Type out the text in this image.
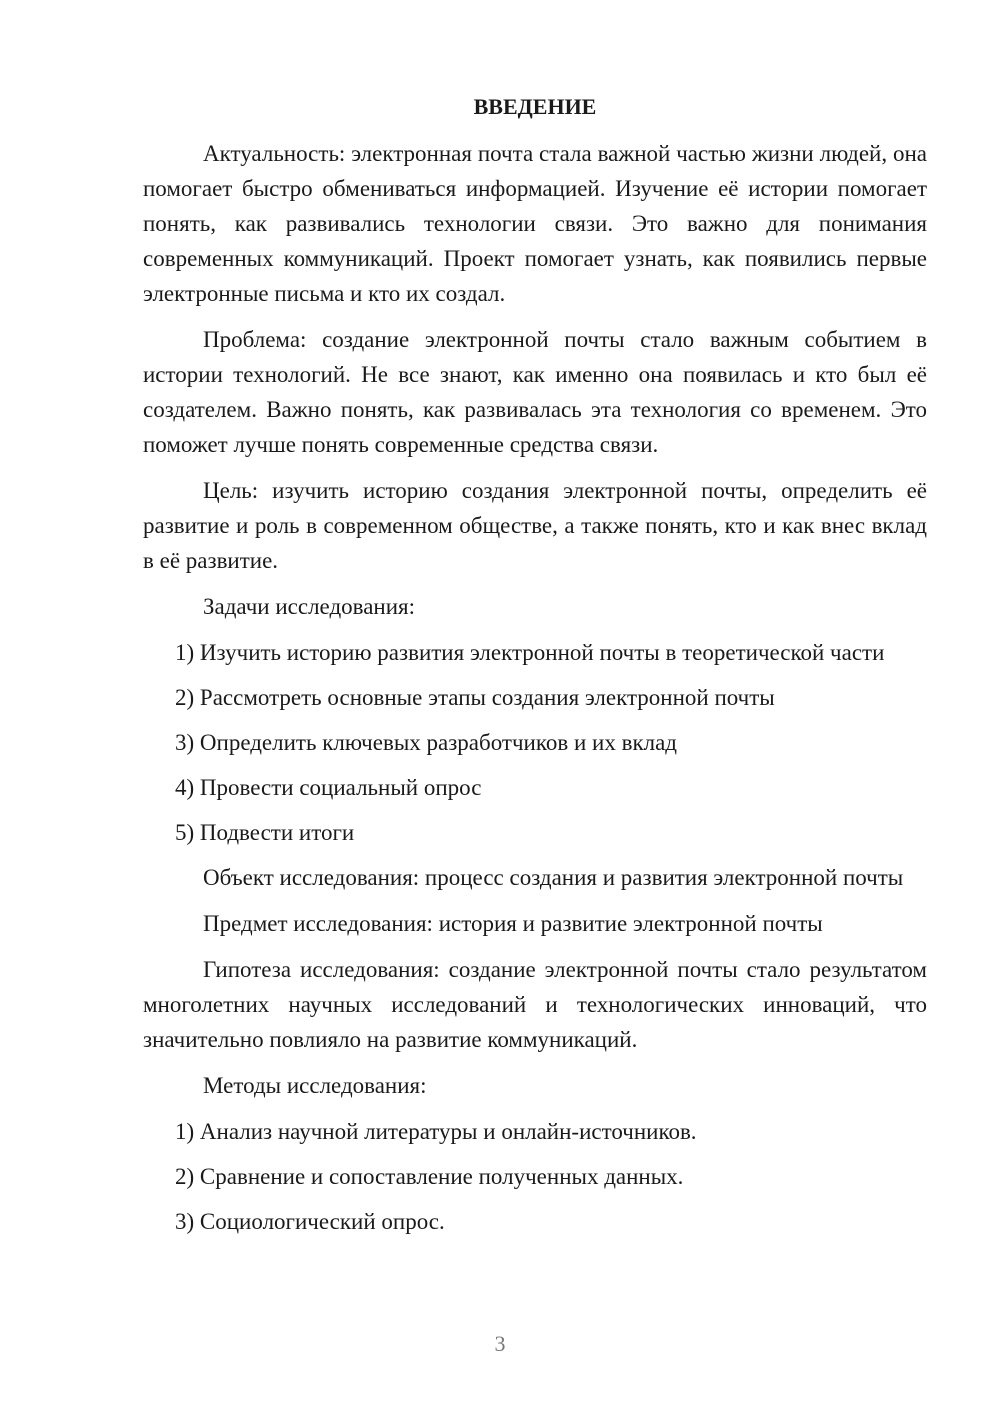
ВВЕДЕНИЕ

Актуальность: электронная почта стала важной частью жизни людей, она помогает быстро обмениваться информацией. Изучение её истории помогает понять, как развивались технологии связи. Это важно для понимания современных коммуникаций. Проект помогает узнать, как появились первые электронные письма и кто их создал.

Проблема: создание электронной почты стало важным событием в истории технологий. Не все знают, как именно она появилась и кто был её создателем. Важно понять, как развивалась эта технология со временем. Это поможет лучше понять современные средства связи.

Цель: изучить историю создания электронной почты, определить её развитие и роль в современном обществе, а также понять, кто и как внес вклад в её развитие.

Задачи исследования:

1) Изучить историю развития электронной почты в теоретической части

2) Рассмотреть основные этапы создания электронной почты

3) Определить ключевых разработчиков и их вклад

4) Провести социальный опрос

5) Подвести итоги

Объект исследования: процесс создания и развития электронной почты

Предмет исследования: история и развитие электронной почты

Гипотеза исследования: создание электронной почты стало результатом многолетних научных исследований и технологических инноваций, что значительно повлияло на развитие коммуникаций.

Методы исследования:

1) Анализ научной литературы и онлайн-источников.

2) Сравнение и сопоставление полученных данных.

3) Социологический опрос.

3
